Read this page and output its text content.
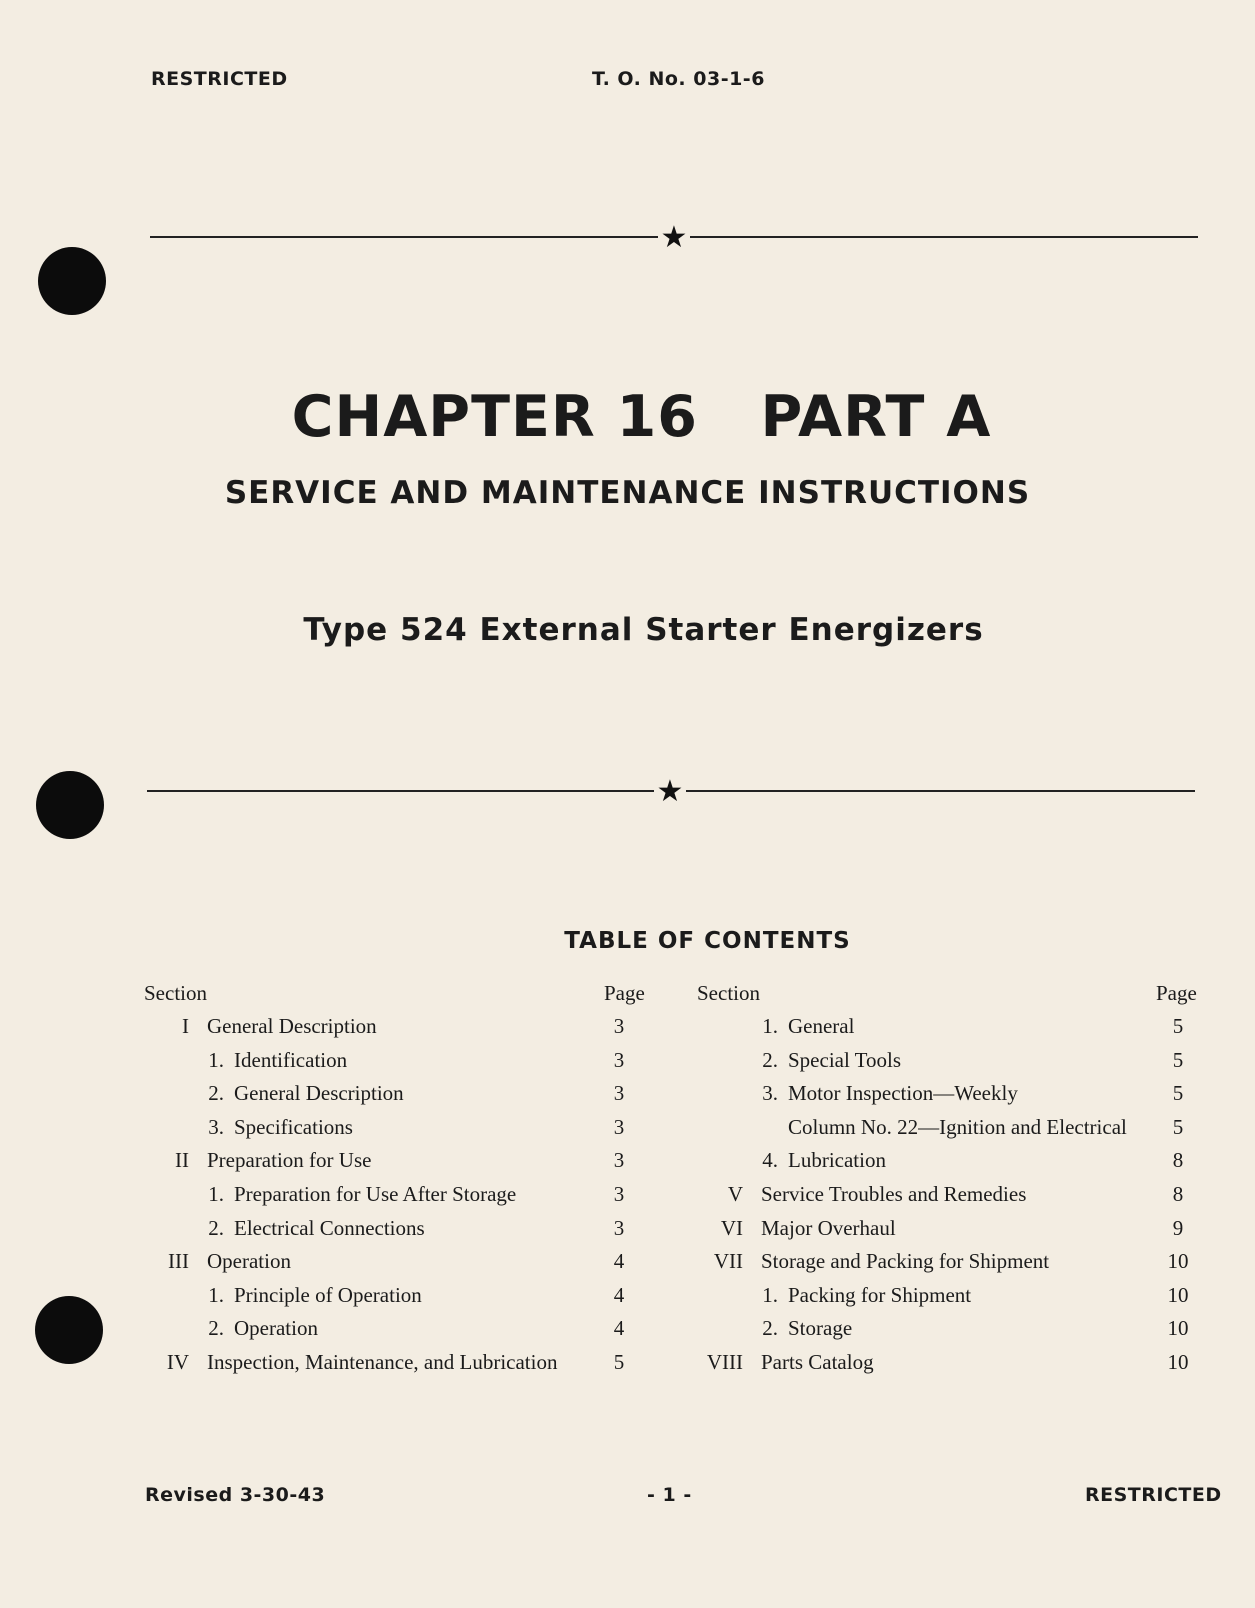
RESTRICTED	T. O. No. 03-1-6
★
CHAPTER 16   PART A
SERVICE AND MAINTENANCE INSTRUCTIONS
Type 524 External Starter Energizers
★
TABLE OF CONTENTS
Section	Page
I General Description	3
1. Identification	3
2. General Description	3
3. Specifications	3
II Preparation for Use	3
1. Preparation for Use After Storage	3
2. Electrical Connections	3
III Operation	4
1. Principle of Operation	4
2. Operation	4
IV Inspection, Maintenance, and Lubrication	5
Section	Page
1. General	5
2. Special Tools	5
3. Motor Inspection—Weekly	5
Column No. 22—Ignition and Electrical	5
4. Lubrication	8
V Service Troubles and Remedies	8
VI Major Overhaul	9
VII Storage and Packing for Shipment	10
1. Packing for Shipment	10
2. Storage	10
VIII Parts Catalog	10
Revised 3-30-43	- 1 -	RESTRICTED
